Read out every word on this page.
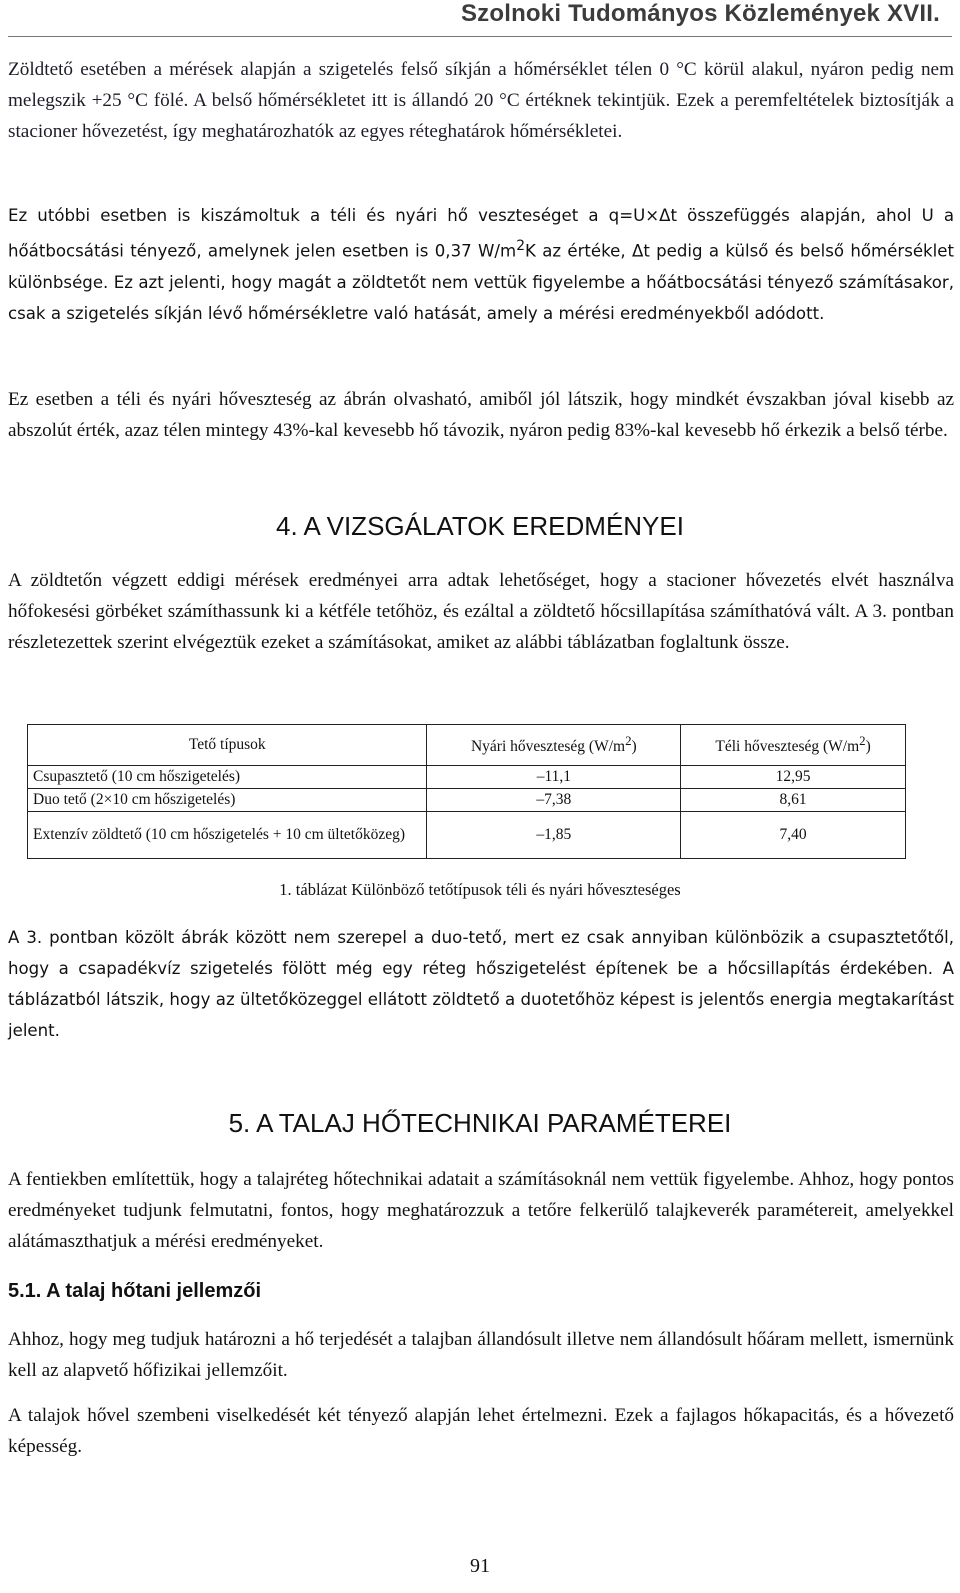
Szolnoki Tudományos Közlemények XVII.

Zöldtető esetében a mérések alapján a szigetelés felső síkján a hőmérséklet télen 0 °C körül alakul, nyáron pedig nem melegszik +25 °C fölé. A belső hőmérsékletet itt is állandó 20 °C értéknek tekintjük. Ezek a peremfeltételek biztosítják a stacioner hővezetést, így meghatározhatók az egyes réteghatárok hőmérsékletei.

Ez utóbbi esetben is kiszámoltuk a téli és nyári hő veszteséget a q=U×Δt összefüggés alapján, ahol U a hőátbocsátási tényező, amelynek jelen esetben is 0,37 $W/m^2K$ az értéke, Δt pedig a külső és belső hőmérséklet különbsége. Ez azt jelenti, hogy magát a zöldtetőt nem vettük figyelembe a hőátbocsátási tényező számításakor, csak a szigetelés síkján lévő hőmérsékletre való hatását, amely a mérési eredményekből adódott.

Ez esetben a téli és nyári hőveszteség az ábrán olvasható, amiből jól látszik, hogy mindkét évszakban jóval kisebb az abszolút érték, azaz télen mintegy 43%-kal kevesebb hő távozik, nyáron pedig 83%-kal kevesebb hő érkezik a belső térbe.

4. A VIZSGÁLATOK EREDMÉNYEI

A zöldtetőn végzett eddigi mérések eredményei arra adtak lehetőséget, hogy a stacioner hővezetés elvét használva hőfokesési görbéket számíthassunk ki a kétféle tetőhöz, és ezáltal a zöldtető hőcsillapítása számíthatóvá vált. A 3. pontban részletezettek szerint elvégeztük ezeket a számításokat, amiket az alábbi táblázatban foglaltunk össze.

Tető típusok	Nyári hőveszteség $(W/m^2)$	Téli hőveszteség $(W/m^2)$
Csupasztető (10 cm hőszigetelés)	–11,1	12,95
Duo tető (2×10 cm hőszigetelés)	–7,38	8,61
Extenzív zöldtető (10 cm hőszigetelés + 10 cm ültetőközeg)	–1,85	7,40
1. táblázat Különböző tetőtípusok téli és nyári hőveszteséges

A 3. pontban közölt ábrák között nem szerepel a duo-tető, mert ez csak annyiban különbözik a csupasztetőtől, hogy a csapadékvíz szigetelés fölött még egy réteg hőszigetelést építenek be a hőcsillapítás érdekében. A táblázatból látszik, hogy az ültetőközeggel ellátott zöldtető a duotetőhöz képest is jelentős energia megtakarítást jelent.

5. A TALAJ HŐTECHNIKAI PARAMÉTEREI

A fentiekben említettük, hogy a talajréteg hőtechnikai adatait a számításoknál nem vettük figyelembe. Ahhoz, hogy pontos eredményeket tudjunk felmutatni, fontos, hogy meghatározzuk a tetőre felkerülő talajkeverék paramétereit, amelyekkel alátámaszthatjuk a mérési eredményeket.

5.1. A talaj hőtani jellemzői

Ahhoz, hogy meg tudjuk határozni a hő terjedését a talajban állandósult illetve nem állandósult hőáram mellett, ismernünk kell az alapvető hőfizikai jellemzőit.

A talajok hővel szembeni viselkedését két tényező alapján lehet értelmezni. Ezek a fajlagos hőkapacitás, és a hővezető képesség.

91
